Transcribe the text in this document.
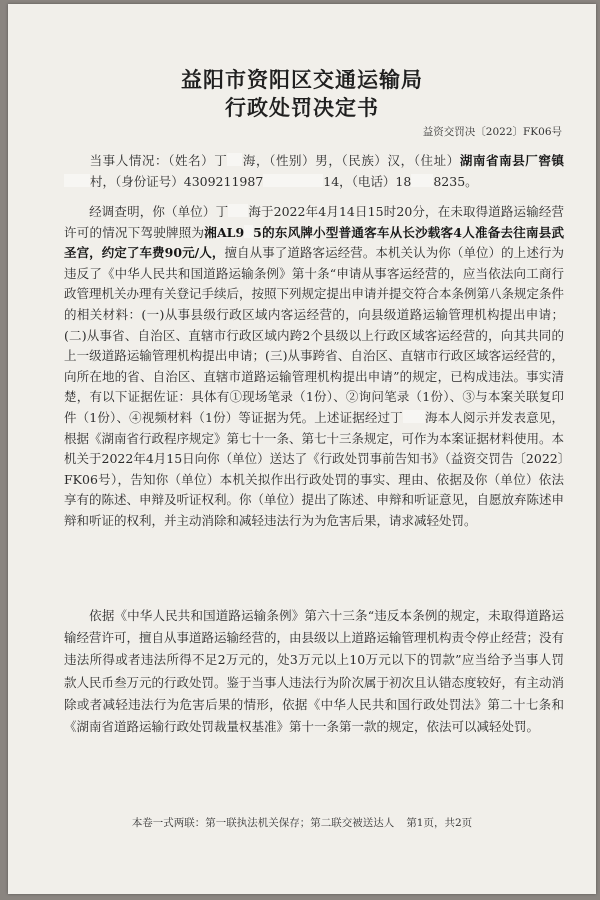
益阳市资阳区交通运输局
行政处罚决定书
益资交罚决〔2022〕FK06号

当事人情况：（姓名）丁 海，（性别）男，（民族）汉，（住址）湖南省南县厂窖镇村，（身份证号）4309211987	14，（电话）18 8235。

经调查明，你（单位）丁 海于2022年4月14日15时20分，在未取得道路运输经营许可的情况下驾驶牌照为湘AL9 5的东风牌小型普通客车从长沙载客4人准备去往南县武圣宫，约定了车费90元/人，擅自从事了道路客运经营。本机关认为你（单位）的上述行为违反了《中华人民共和国道路运输条例》第十条“申请从事客运经营的，应当依法向工商行政管理机关办理有关登记手续后，按照下列规定提出申请并提交符合本条例第八条规定条件的相关材料：(一)从事县级行政区域内客运经营的，向县级道路运输管理机构提出申请；(二)从事省、自治区、直辖市行政区域内跨2个县级以上行政区域客运经营的，向其共同的上一级道路运输管理机构提出申请；(三)从事跨省、自治区、直辖市行政区域客运经营的，向所在地的省、自治区、直辖市道路运输管理机构提出申请”的规定，已构成违法。事实清楚，有以下证据佐证：具体有①现场笔录（1份）、②询问笔录（1份）、③与本案关联复印件（1份）、④视频材料（1份）等证据为凭。上述证据经过丁 海本人阅示并发表意见，根据《湖南省行政程序规定》第七十一条、第七十三条规定，可作为本案证据材料使用。本机关于2022年4月15日向你（单位）送达了《行政处罚事前告知书》（益资交罚告〔2022〕FK06号），告知你（单位）本机关拟作出行政处罚的事实、理由、依据及你（单位）依法享有的陈述、申辩及听证权利。你（单位）提出了陈述、申辩和听证意见，自愿放弃陈述申辩和听证的权利，并主动消除和减轻违法行为为危害后果，请求减轻处罚。

依据《中华人民共和国道路运输条例》第六十三条“违反本条例的规定，未取得道路运输经营许可，擅自从事道路运输经营的，由县级以上道路运输管理机构责令停止经营；没有违法所得或者违法所得不足2万元的，处3万元以上10万元以下的罚款”应当给予当事人罚款人民币叁万元的行政处罚。鉴于当事人违法行为阶次属于初次且认错态度较好，有主动消除或者减轻违法行为危害后果的情形，依据《中华人民共和国行政处罚法》第二十七条和《湖南省道路运输行政处罚裁量权基准》第十一条第一款的规定，依法可以减轻处罚。

本卷一式两联：第一联执法机关保存；第二联交被送达人 第1页，共2页
